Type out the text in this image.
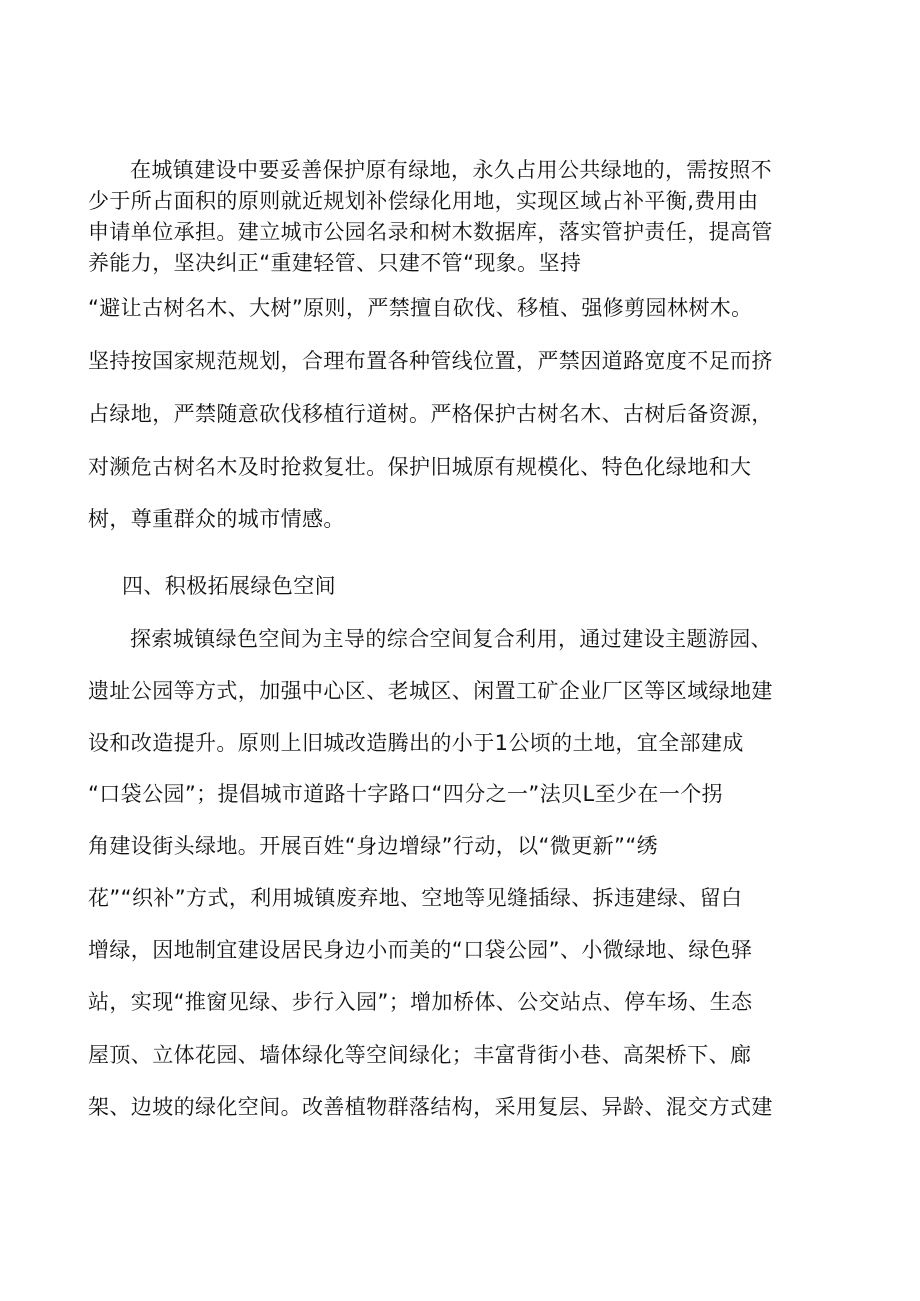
在城镇建设中要妥善保护原有绿地，永久占用公共绿地的，需按照不
少于所占面积的原则就近规划补偿绿化用地，实现区域占补平衡,费用由
申请单位承担。建立城市公园名录和树木数据库，落实管护责任，提高管
养能力，坚决纠正“重建轻管、只建不管“现象。坚持
“避让古树名木、大树”原则，严禁擅自砍伐、移植、强修剪园林树木。
坚持按国家规范规划，合理布置各种管线位置，严禁因道路宽度不足而挤
占绿地，严禁随意砍伐移植行道树。严格保护古树名木、古树后备资源，
对濒危古树名木及时抢救复壮。保护旧城原有规模化、特色化绿地和大
树，尊重群众的城市情感。
四、积极拓展绿色空间
探索城镇绿色空间为主导的综合空间复合利用，通过建设主题游园、
遗址公园等方式，加强中心区、老城区、闲置工矿企业厂区等区域绿地建
设和改造提升。原则上旧城改造腾出的小于1公顷的土地，宜全部建成
“口袋公园”；提倡城市道路十字路口“四分之一”法贝L至少在一个拐
角建设街头绿地。开展百姓“身边增绿”行动，以“微更新”“绣
花”“织补”方式，利用城镇废弃地、空地等见缝插绿、拆违建绿、留白
增绿，因地制宜建设居民身边小而美的“口袋公园”、小微绿地、绿色驿
站，实现“推窗见绿、步行入园”；增加桥体、公交站点、停车场、生态
屋顶、立体花园、墙体绿化等空间绿化；丰富背街小巷、高架桥下、廊
架、边坡的绿化空间。改善植物群落结构，采用复层、异龄、混交方式建
